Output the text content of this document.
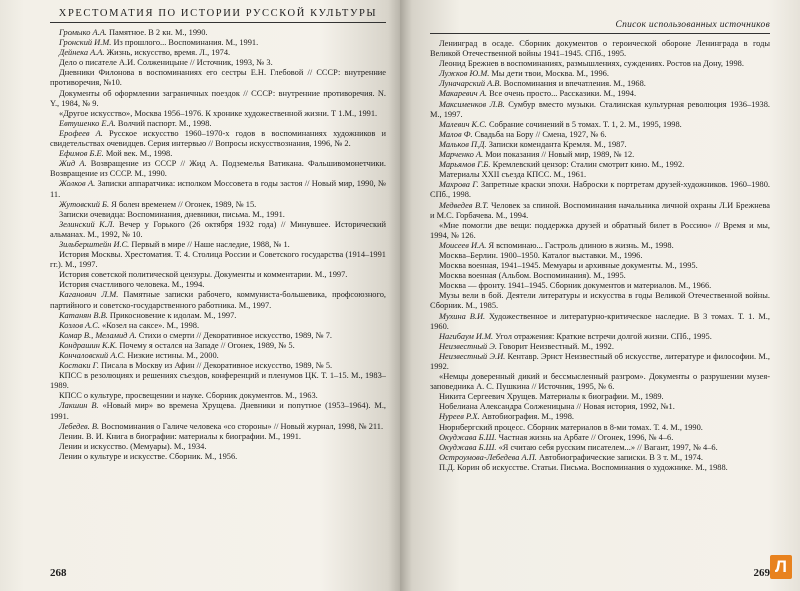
ХРЕСТОМАТИЯ ПО ИСТОРИИ РУССКОЙ КУЛЬТУРЫ

Громыко А.А. Памятное. В 2 кн. М., 1990.

Гронский И.М. Из прошлого... Воспоминания. М., 1991.

Дейнека А.А. Жизнь, искусство, время. Л., 1974.

Дело о писателе А.И. Солженицыне // Источник, 1993, № 3.

Дневники Филонова в воспоминаниях его сестры Е.Н. Глебовой // СССР: внутренние противоречия, №10.

Документы об оформлении заграничных поездок // СССР: внутренние противоречия. N. Y., 1984, № 9.

«Другое искусство», Москва 1956–1976. К хронике художественной жизни. Т 1.М., 1991.

Евтушенко Е.А. Волчий паспорт. М., 1998.

Ерофеев А. Русское искусство 1960–1970-х годов в воспоминаниях художников и свидетельствах очевидцев. Серия интервью // Вопросы искусствознания, 1996, № 2.

Ефимов Б.Е. Мой век. М., 1998.

Жид А. Возвращение из СССР // Жид А. Подземелья Ватикана. Фальшивомонетчики. Возвращение из СССР. М., 1990.

Жолков А. Записки аппаратчика: исполком Моссовета в годы застоя // Новый мир, 1990, № 11.

Жутовский Б. Я болен временем // Огонек, 1989, № 15.

Записки очевидца: Воспоминания, дневники, письма. М., 1991.

Зелинский К.Л. Вечер у Горького (26 октября 1932 года) // Минувшее. Исторический альманах. М., 1992, № 10.

Зильберштейн И.С. Первый в мире // Наше наследие, 1988, № 1.

История Москвы. Хрестоматия. Т. 4. Столица России и Советского государства (1914–1991 гг.). М., 1997.

История советской политической цензуры. Документы и комментарии. М., 1997.

История счастливого человека. М., 1994.

Каганович Л.М. Памятные записки рабочего, коммуниста-большевика, профсоюзного, партийного и советско-государственного работника. М., 1997.

Катанян В.В. Прикосновение к идолам. М., 1997.

Козлов А.С. «Козел на саксе». М., 1998.

Комар В., Меламид А. Стихи о смерти // Декоративное искусство, 1989, № 7.

Кондрашин К.К. Почему я остался на Западе // Огонек, 1989, № 5.

Кончаловский А.С. Низкие истины. М., 2000.

Костаки Г. Писала в Москву из Афин // Декоративное искусство, 1989, № 5.

КПСС в резолюциях и решениях съездов, конференций и пленумов ЦК. Т. 1–15. М., 1983–1989.

КПСС о культуре, просвещении и науке. Сборник документов. М., 1963.

Лакшин В. «Новый мир» во времена Хрущева. Дневники и попутное (1953–1964). М., 1991.

Лебедев. В. Воспоминания о Галиче человека «со стороны» // Новый журнал, 1998, № 211.

Ленин. В. И. Книга в биографии: материалы к биографии. М., 1991.

Ленин и искусство. (Мемуары). М., 1934.

Ленин о культуре и искусстве. Сборник. М., 1956.

268
Список использованных источников

Ленинград в осаде. Сборник документов о героической обороне Ленинграда в годы Великой Отечественной войны 1941–1945. СПб., 1995.

Леонид Брежнев в воспоминаниях, размышлениях, суждениях. Ростов на Дону, 1998.

Лужков Ю.М. Мы дети твои, Москва. М., 1996.

Луначарский А.В. Воспоминания и впечатления. М., 1968.

Макаревич А. Все очень просто... Рассказики. М., 1994.

Максименков Л.В. Сумбур вместо музыки. Сталинская культурная революция 1936–1938. М., 1997.

Малевич К.С. Собрание сочинений в 5 томах. Т. 1, 2. М., 1995, 1998.

Малов Ф. Свадьба на Бору // Смена, 1927, № 6.

Мальков П.Д. Записки коменданта Кремля. М., 1987.

Марченко А. Мои показания // Новый мир, 1989, № 12.

Марьямов Г.Б. Кремлевский цензор: Сталин смотрит кино. М., 1992.

Материалы XXII съезда КПСС. М., 1961.

Махрова Г. Запретные краски эпохи. Наброски к портретам друзей-художников. 1960–1980. СПб., 1998.

Медведев В.Т. Человек за спиной. Воспоминания начальника личной охраны Л.И Брежнева и М.С. Горбачева. М., 1994.

«Мне помогли две вещи: поддержка друзей и обратный билет в Россию» // Время и мы, 1994, № 126.

Моисеев И.А. Я вспоминаю... Гастроль длиною в жизнь. М., 1998.

Москва–Берлин. 1900–1950. Каталог выставки. М., 1996.

Москва военная, 1941–1945. Мемуары и архивные документы. М., 1995.

Москва военная (Альбом. Воспоминания). М., 1995.

Москва — фронту. 1941–1945. Сборник документов и материалов. М., 1966.

Музы вели в бой. Деятели литературы и искусства в годы Великой Отечественной войны. Сборник. М., 1985.

Мухина В.И. Художественное и литературно-критическое наследие. В 3 томах. Т. 1. М., 1960.

Нагибаум И.М. Угол отражения: Краткие встречи долгой жизни. СПб., 1995.

Неизвестный Э. Говорит Неизвестный. М., 1992.

Неизвестный Э.И. Кентавр. Эрнст Неизвестный об искусстве, литературе и философии. М., 1992.

«Немцы доверенный дикий и бессмысленный разгром». Документы о разрушении музея-заповедника А. С. Пушкина // Источник, 1995, № 6.

Никита Сергеевич Хрущев. Материалы к биографии. М., 1989.

Нобелиана Александра Солженицына // Новая история, 1992, №1.

Нуреев Р.Х. Автобиография. М., 1998.

Нюрнбергский процесс. Сборник материалов в 8-ми томах. Т. 4. М., 1990.

Окуджава Б.Ш. Частная жизнь на Арбате // Огонек, 1996, № 4–6.

Окуджава Б.Ш. «Я считаю себя русским писателем...» // Вагант, 1997, № 4–6.

Остроумова-Лебедева А.П. Автобиографические записки. В 3 т. М., 1974.

П.Д. Корин об искусстве. Статьи. Письма. Воспоминания о художнике. М., 1988.

269 Л
